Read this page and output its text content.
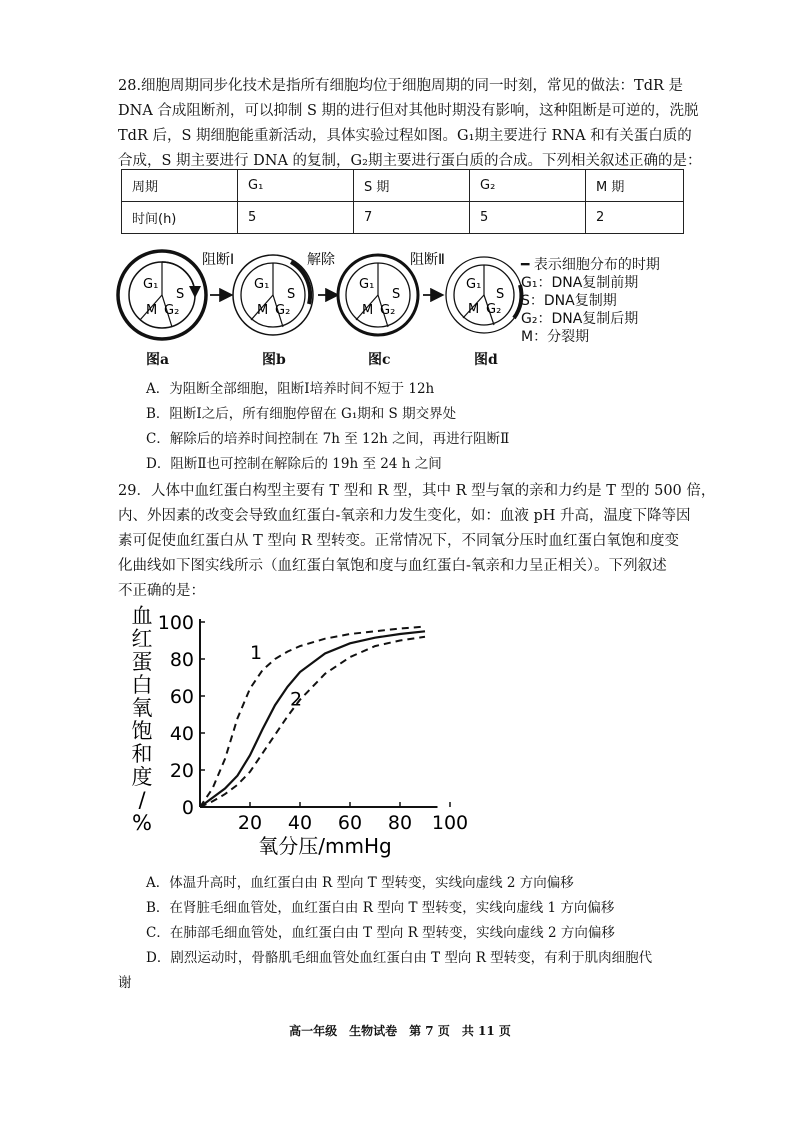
28.细胞周期同步化技术是指所有细胞均位于细胞周期的同一时刻，常见的做法：TdR 是
DNA 合成阻断剂，可以抑制 S 期的进行但对其他时期没有影响，这种阻断是可逆的，洗脱
TdR 后，S 期细胞能重新活动，具体实验过程如图。G₁期主要进行 RNA 和有关蛋白质的
合成，S 期主要进行 DNA 的复制，G₂期主要进行蛋白质的合成。下列相关叙述正确的是：
周期	G₁	S 期	G₂	M 期
时间(h)	5	7	5	2
G₁
S
M G₂
阻断Ⅰ
G₁
S
M G₂
解除
G₁
S
M G₂
阻断Ⅱ
G₁
S
M G₂
━ 表示细胞分布的时期
G₁：DNA复制前期
S：DNA复制期
G₂：DNA复制后期
M：分裂期
图a	图b	图c	图d
A．为阻断全部细胞，阻断Ⅰ培养时间不短于 12h
B．阻断Ⅰ之后，所有细胞停留在 G₁期和 S 期交界处
C．解除后的培养时间控制在 7h 至 12h 之间，再进行阻断Ⅱ
D．阻断Ⅱ也可控制在解除后的 19h 至 24 h 之间
29．人体中血红蛋白构型主要有 T 型和 R 型，其中 R 型与氧的亲和力约是 T 型的 500 倍，
内、外因素的改变会导致血红蛋白-氧亲和力发生变化，如：血液 pH 升高，温度下降等因
素可促使血红蛋白从 T 型向 R 型转变。正常情况下，不同氧分压时血红蛋白氧饱和度变
化曲线如下图实线所示（血红蛋白氧饱和度与血红蛋白-氧亲和力呈正相关）。下列叙述
不正确的是：
0
20
40
60
80
100
20 40 60 80 100
氧分压/mmHg
血
红
蛋
白
氧
饱
和
度
/
%
1
2
A．体温升高时，血红蛋白由 R 型向 T 型转变，实线向虚线 2 方向偏移
B．在肾脏毛细血管处，血红蛋白由 R 型向 T 型转变，实线向虚线 1 方向偏移
C．在肺部毛细血管处，血红蛋白由 T 型向 R 型转变，实线向虚线 2 方向偏移
D．剧烈运动时，骨骼肌毛细血管处血红蛋白由 T 型向 R 型转变，有利于肌肉细胞代
谢
高一年级　生物试卷　第 7 页　共 11 页
